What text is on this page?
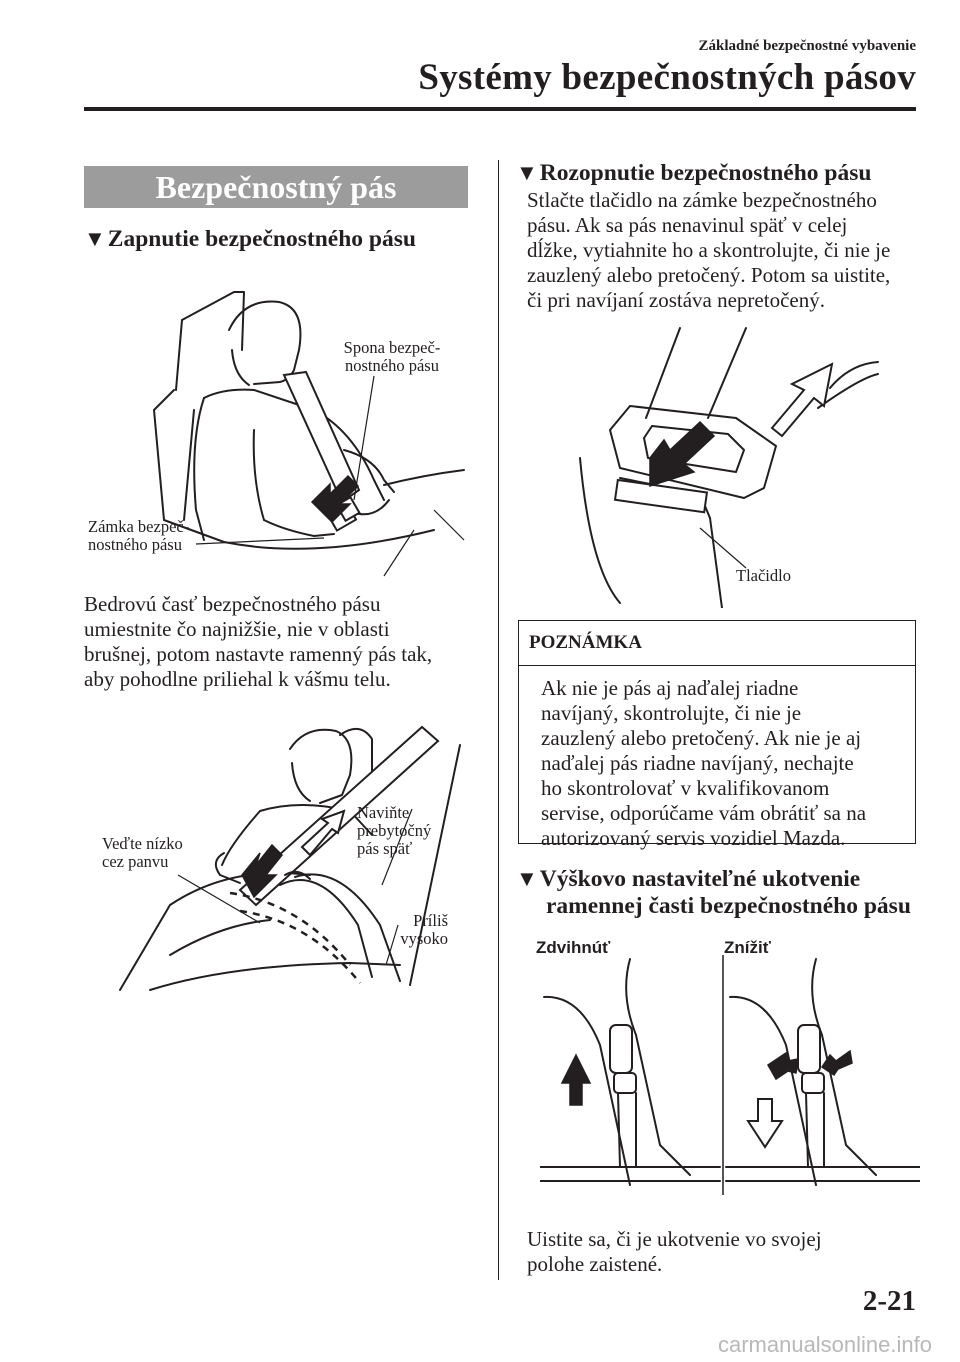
Základné bezpečnostné vybavenie
Systémy bezpečnostných pásov
Bezpečnostný pás
▼Zapnutie bezpečnostného pásu
Spona bezpeč-
nostného pásu
Zámka bezpeč-
nostného pásu
Bedrovú časť bezpečnostného pásu
umiestnite čo najnižšie, nie v oblasti
brušnej, potom nastavte ramenný pás tak,
aby pohodlne priliehal k vášmu telu.
Veďte nízko
cez panvu
Naviňte
prebytočný
pás späť
Príliš
vysoko
▼Rozopnutie bezpečnostného pásu
Stlačte tlačidlo na zámke bezpečnostného
pásu. Ak sa pás nenavinul späť v celej
dĺžke, vytiahnite ho a skontrolujte, či nie je
zauzlený alebo pretočený. Potom sa uistite,
či pri navíjaní zostáva nepretočený.
Tlačidlo
POZNÁMKA
Ak nie je pás aj naďalej riadne
navíjaný, skontrolujte, či nie je
zauzlený alebo pretočený. Ak nie je aj
naďalej pás riadne navíjaný, nechajte
ho skontrolovať v kvalifikovanom
servise, odporúčame vám obrátiť sa na
autorizovaný servis vozidiel Mazda.
▼Výškovo nastaviteľné ukotvenie
ramennej časti bezpečnostného pásu
Zdvihnúť	Znížiť
Uistite sa, či je ukotvenie vo svojej
polohe zaistené.
2-21
carmanualsonline.info
